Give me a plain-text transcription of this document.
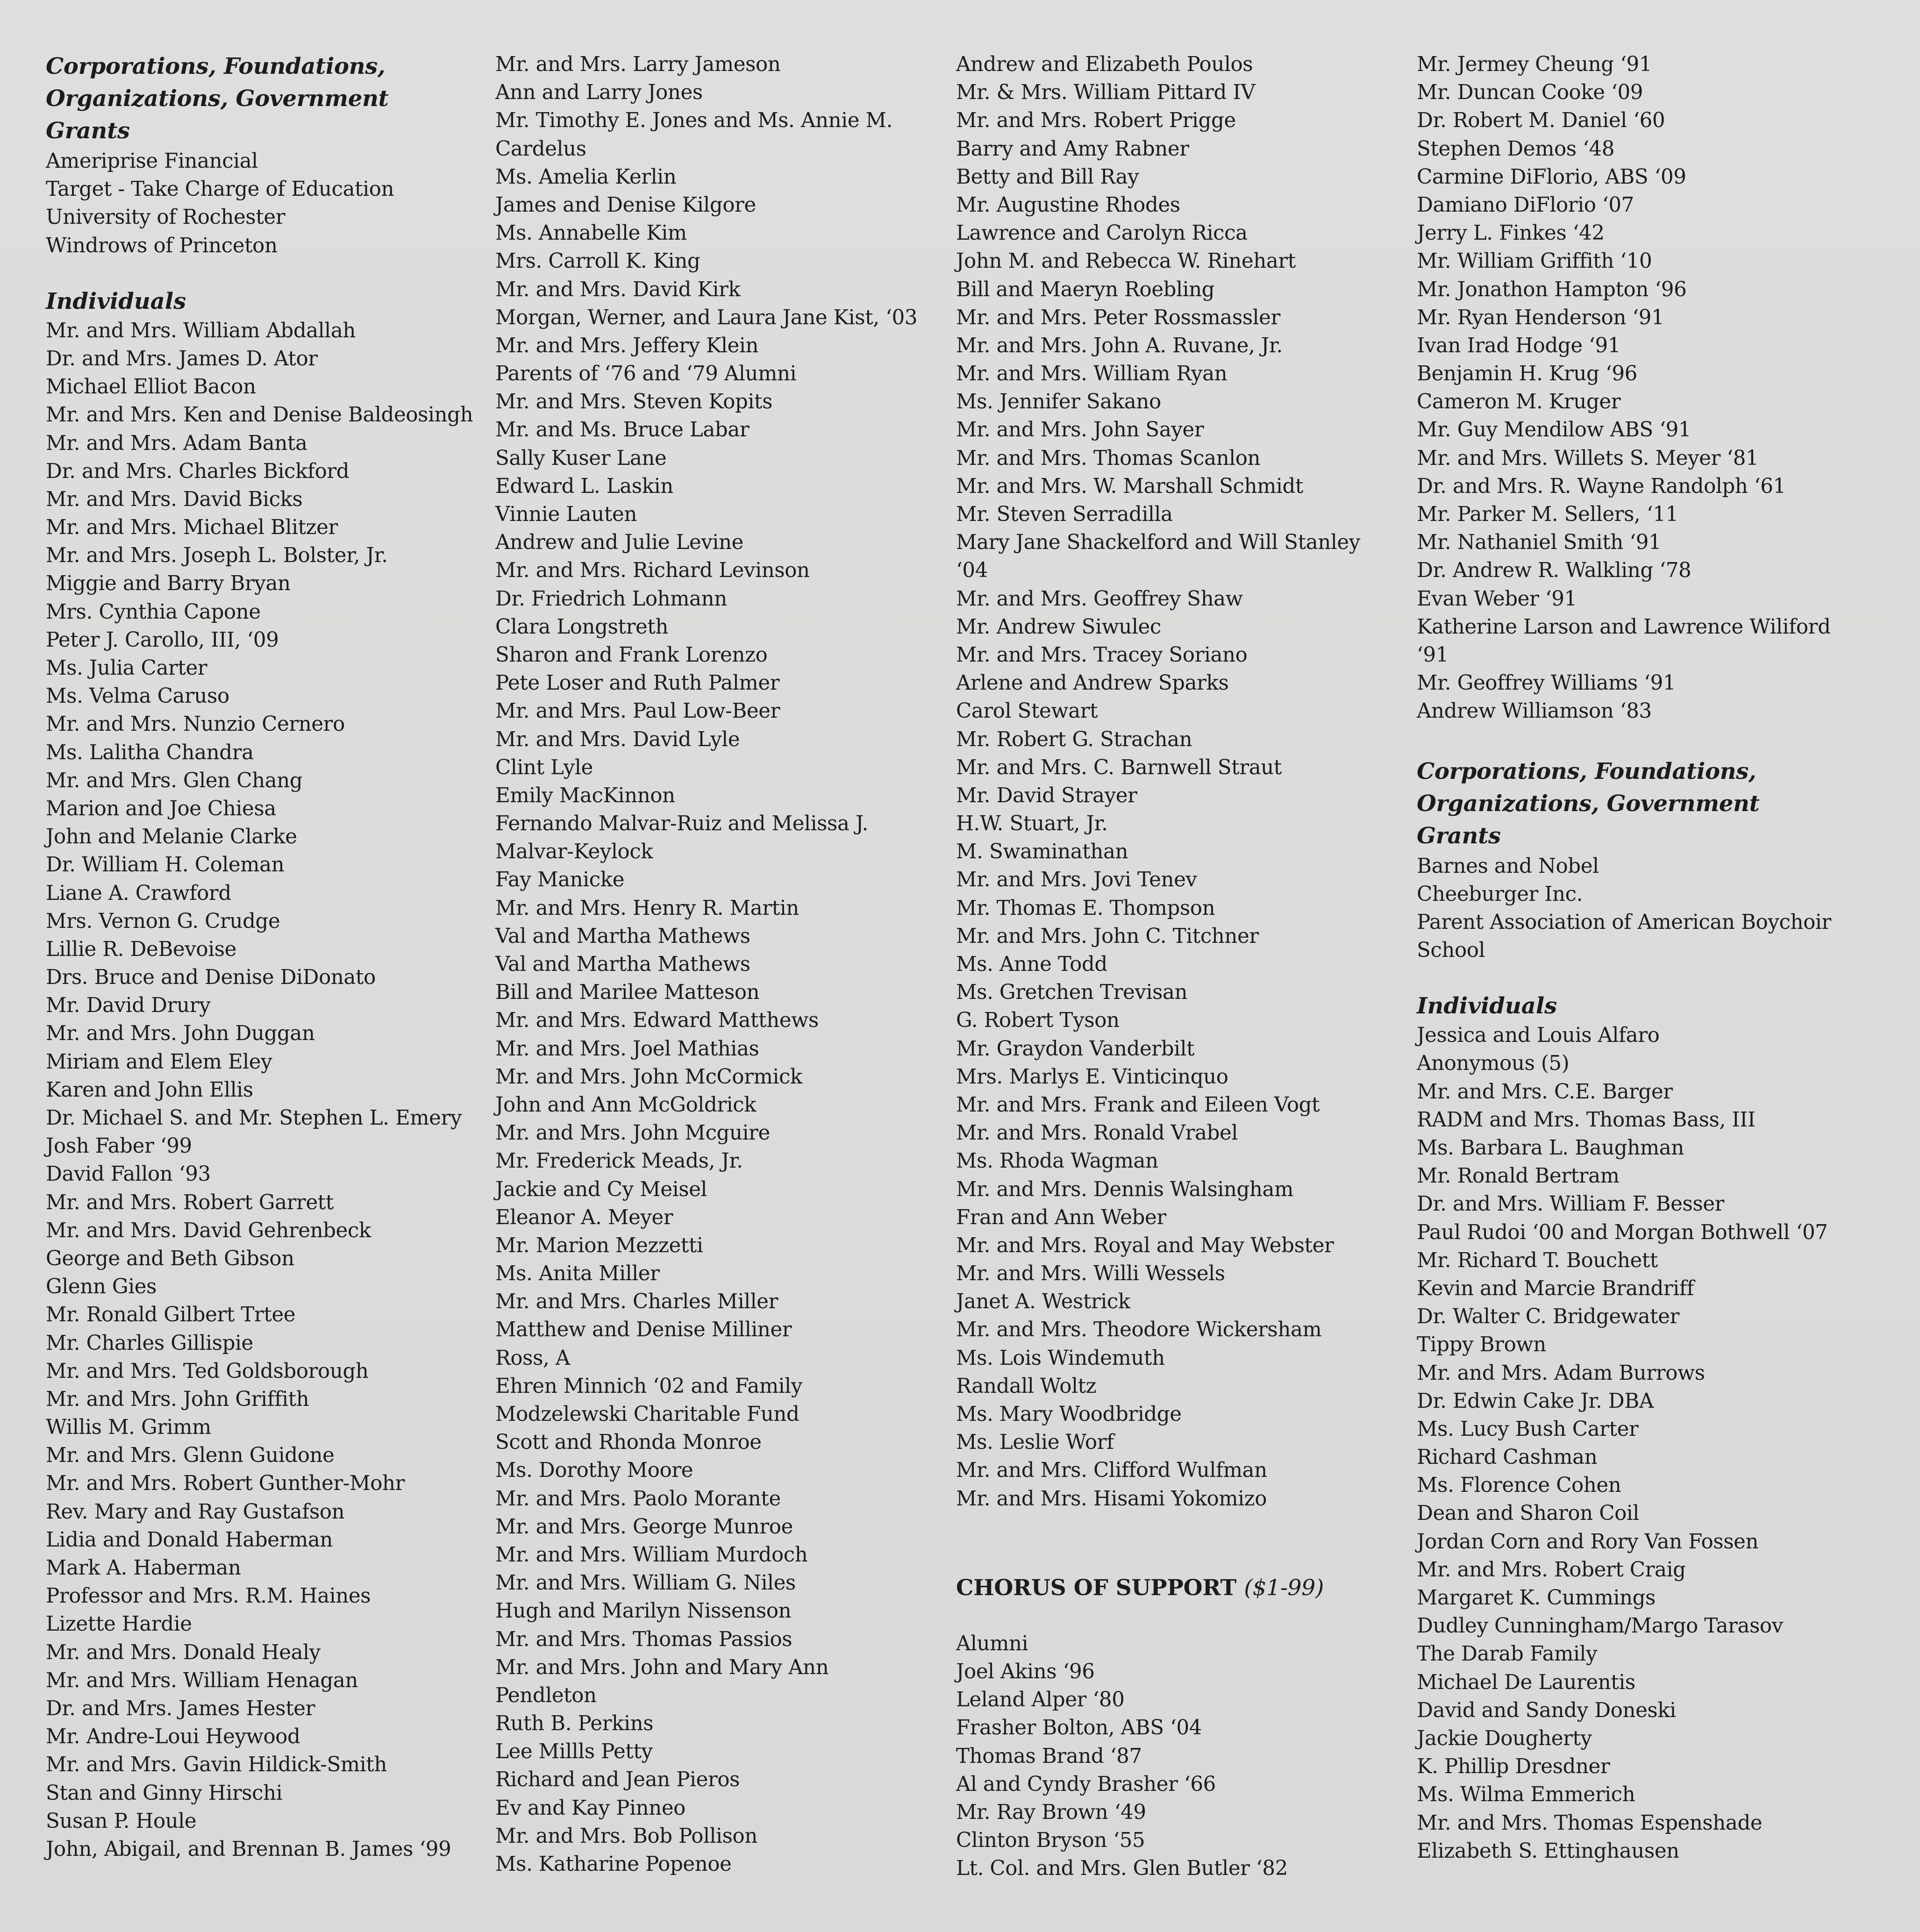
Corporations, Foundations,
Organizations, Government
Grants
Ameriprise Financial
Target - Take Charge of Education
University of Rochester
Windrows of Princeton
Individuals
Mr. and Mrs. William Abdallah
Dr. and Mrs. James D. Ator
Michael Elliot Bacon
Mr. and Mrs. Ken and Denise Baldeosingh
Mr. and Mrs. Adam Banta
Dr. and Mrs. Charles Bickford
Mr. and Mrs. David Bicks
Mr. and Mrs. Michael Blitzer
Mr. and Mrs. Joseph L. Bolster, Jr.
Miggie and Barry Bryan
Mrs. Cynthia Capone
Peter J. Carollo, III, ‘09
Ms. Julia Carter
Ms. Velma Caruso
Mr. and Mrs. Nunzio Cernero
Ms. Lalitha Chandra
Mr. and Mrs. Glen Chang
Marion and Joe Chiesa
John and Melanie Clarke
Dr. William H. Coleman
Liane A. Crawford
Mrs. Vernon G. Crudge
Lillie R. DeBevoise
Drs. Bruce and Denise DiDonato
Mr. David Drury
Mr. and Mrs. John Duggan
Miriam and Elem Eley
Karen and John Ellis
Dr. Michael S. and Mr. Stephen L. Emery
Josh Faber ‘99
David Fallon ‘93
Mr. and Mrs. Robert Garrett
Mr. and Mrs. David Gehrenbeck
George and Beth Gibson
Glenn Gies
Mr. Ronald Gilbert Trtee
Mr. Charles Gillispie
Mr. and Mrs. Ted Goldsborough
Mr. and Mrs. John Griffith
Willis M. Grimm
Mr. and Mrs. Glenn Guidone
Mr. and Mrs. Robert Gunther-Mohr
Rev. Mary and Ray Gustafson
Lidia and Donald Haberman
Mark A. Haberman
Professor and Mrs. R.M. Haines
Lizette Hardie
Mr. and Mrs. Donald Healy
Mr. and Mrs. William Henagan
Dr. and Mrs. James Hester
Mr. Andre-Loui Heywood
Mr. and Mrs. Gavin Hildick-Smith
Stan and Ginny Hirschi
Susan P. Houle
John, Abigail, and Brennan B. James ‘99
Mr. and Mrs. Larry Jameson
Ann and Larry Jones
Mr. Timothy E. Jones and Ms. Annie M.
Cardelus
Ms. Amelia Kerlin
James and Denise Kilgore
Ms. Annabelle Kim
Mrs. Carroll K. King
Mr. and Mrs. David Kirk
Morgan, Werner, and Laura Jane Kist, ‘03
Mr. and Mrs. Jeffery Klein
Parents of ‘76 and ‘79 Alumni
Mr. and Mrs. Steven Kopits
Mr. and Ms. Bruce Labar
Sally Kuser Lane
Edward L. Laskin
Vinnie Lauten
Andrew and Julie Levine
Mr. and Mrs. Richard Levinson
Dr. Friedrich Lohmann
Clara Longstreth
Sharon and Frank Lorenzo
Pete Loser and Ruth Palmer
Mr. and Mrs. Paul Low-Beer
Mr. and Mrs. David Lyle
Clint Lyle
Emily MacKinnon
Fernando Malvar-Ruiz and Melissa J.
Malvar-Keylock
Fay Manicke
Mr. and Mrs. Henry R. Martin
Val and Martha Mathews
Val and Martha Mathews
Bill and Marilee Matteson
Mr. and Mrs. Edward Matthews
Mr. and Mrs. Joel Mathias
Mr. and Mrs. John McCormick
John and Ann McGoldrick
Mr. and Mrs. John Mcguire
Mr. Frederick Meads, Jr.
Jackie and Cy Meisel
Eleanor A. Meyer
Mr. Marion Mezzetti
Ms. Anita Miller
Mr. and Mrs. Charles Miller
Matthew and Denise Milliner
Ross, A
Ehren Minnich ‘02 and Family
Modzelewski Charitable Fund
Scott and Rhonda Monroe
Ms. Dorothy Moore
Mr. and Mrs. Paolo Morante
Mr. and Mrs. George Munroe
Mr. and Mrs. William Murdoch
Mr. and Mrs. William G. Niles
Hugh and Marilyn Nissenson
Mr. and Mrs. Thomas Passios
Mr. and Mrs. John and Mary Ann
Pendleton
Ruth B. Perkins
Lee Millls Petty
Richard and Jean Pieros
Ev and Kay Pinneo
Mr. and Mrs. Bob Pollison
Ms. Katharine Popenoe
Andrew and Elizabeth Poulos
Mr. & Mrs. William Pittard IV
Mr. and Mrs. Robert Prigge
Barry and Amy Rabner
Betty and Bill Ray
Mr. Augustine Rhodes
Lawrence and Carolyn Ricca
John M. and Rebecca W. Rinehart
Bill and Maeryn Roebling
Mr. and Mrs. Peter Rossmassler
Mr. and Mrs. John A. Ruvane, Jr.
Mr. and Mrs. William Ryan
Ms. Jennifer Sakano
Mr. and Mrs. John Sayer
Mr. and Mrs. Thomas Scanlon
Mr. and Mrs. W. Marshall Schmidt
Mr. Steven Serradilla
Mary Jane Shackelford and Will Stanley
‘04
Mr. and Mrs. Geoffrey Shaw
Mr. Andrew Siwulec
Mr. and Mrs. Tracey Soriano
Arlene and Andrew Sparks
Carol Stewart
Mr. Robert G. Strachan
Mr. and Mrs. C. Barnwell Straut
Mr. David Strayer
H.W. Stuart, Jr.
M. Swaminathan
Mr. and Mrs. Jovi Tenev
Mr. Thomas E. Thompson
Mr. and Mrs. John C. Titchner
Ms. Anne Todd
Ms. Gretchen Trevisan
G. Robert Tyson
Mr. Graydon Vanderbilt
Mrs. Marlys E. Vinticinquo
Mr. and Mrs. Frank and Eileen Vogt
Mr. and Mrs. Ronald Vrabel
Ms. Rhoda Wagman
Mr. and Mrs. Dennis Walsingham
Fran and Ann Weber
Mr. and Mrs. Royal and May Webster
Mr. and Mrs. Willi Wessels
Janet A. Westrick
Mr. and Mrs. Theodore Wickersham
Ms. Lois Windemuth
Randall Woltz
Ms. Mary Woodbridge
Ms. Leslie Worf
Mr. and Mrs. Clifford Wulfman
Mr. and Mrs. Hisami Yokomizo
CHORUS OF SUPPORT ($1-99)
Alumni
Joel Akins ‘96
Leland Alper ‘80
Frasher Bolton, ABS ‘04
Thomas Brand ‘87
Al and Cyndy Brasher ‘66
Mr. Ray Brown ‘49
Clinton Bryson ‘55
Lt. Col. and Mrs. Glen Butler ‘82
Mr. Jermey Cheung ‘91
Mr. Duncan Cooke ‘09
Dr. Robert M. Daniel ‘60
Stephen Demos ‘48
Carmine DiFlorio, ABS ‘09
Damiano DiFlorio ‘07
Jerry L. Finkes ‘42
Mr. William Griffith ‘10
Mr. Jonathon Hampton ‘96
Mr. Ryan Henderson ‘91
Ivan Irad Hodge ‘91
Benjamin H. Krug ‘96
Cameron M. Kruger
Mr. Guy Mendilow ABS ‘91
Mr. and Mrs. Willets S. Meyer ‘81
Dr. and Mrs. R. Wayne Randolph ‘61
Mr. Parker M. Sellers, ‘11
Mr. Nathaniel Smith ‘91
Dr. Andrew R. Walkling ‘78
Evan Weber ‘91
Katherine Larson and Lawrence Wiliford
‘91
Mr. Geoffrey Williams ‘91
Andrew Williamson ‘83
Corporations, Foundations,
Organizations, Government
Grants
Barnes and Nobel
Cheeburger Inc.
Parent Association of American Boychoir
School
Individuals
Jessica and Louis Alfaro
Anonymous (5)
Mr. and Mrs. C.E. Barger
RADM and Mrs. Thomas Bass, III
Ms. Barbara L. Baughman
Mr. Ronald Bertram
Dr. and Mrs. William F. Besser
Paul Rudoi ‘00 and Morgan Bothwell ‘07
Mr. Richard T. Bouchett
Kevin and Marcie Brandriff
Dr. Walter C. Bridgewater
Tippy Brown
Mr. and Mrs. Adam Burrows
Dr. Edwin Cake Jr. DBA
Ms. Lucy Bush Carter
Richard Cashman
Ms. Florence Cohen
Dean and Sharon Coil
Jordan Corn and Rory Van Fossen
Mr. and Mrs. Robert Craig
Margaret K. Cummings
Dudley Cunningham/Margo Tarasov
The Darab Family
Michael De Laurentis
David and Sandy Doneski
Jackie Dougherty
K. Phillip Dresdner
Ms. Wilma Emmerich
Mr. and Mrs. Thomas Espenshade
Elizabeth S. Ettinghausen
